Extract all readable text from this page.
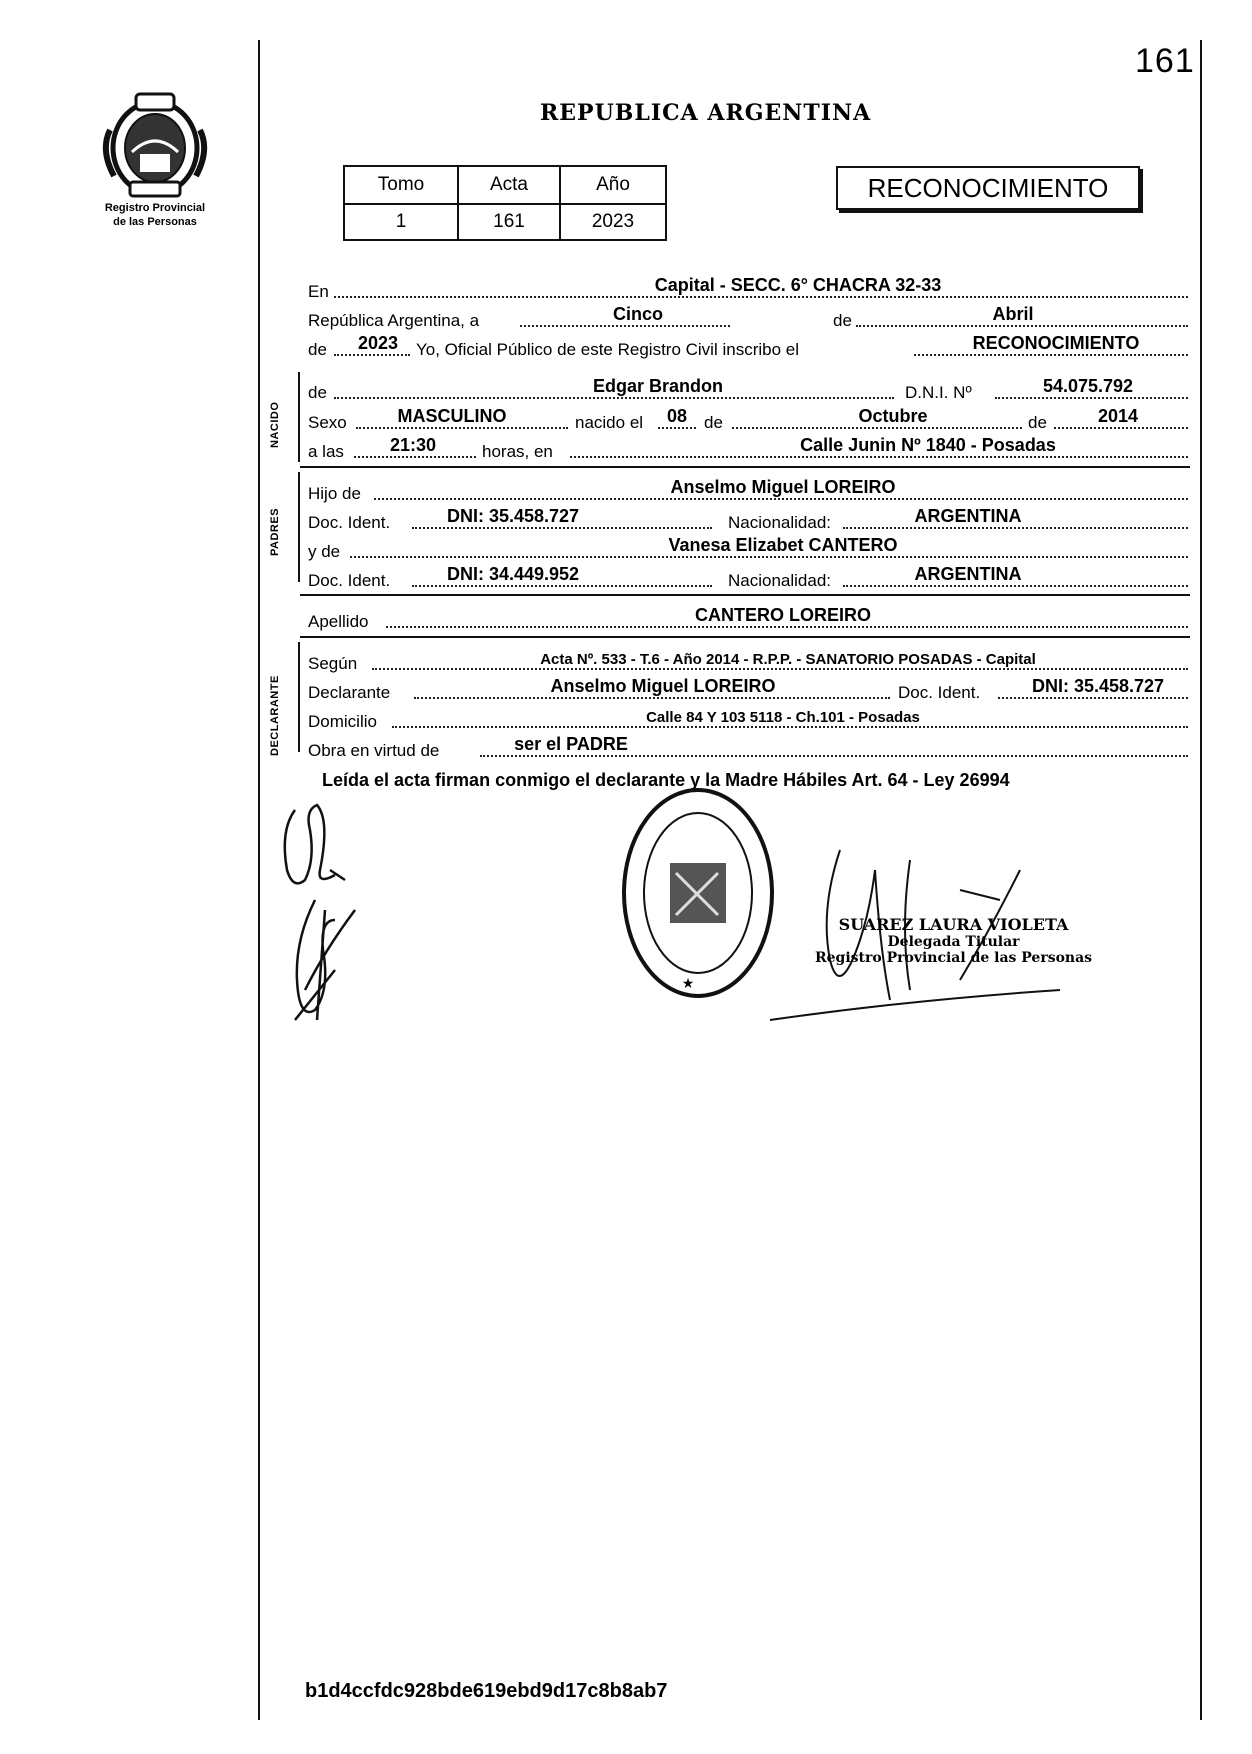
Registro Provincial
de las Personas
161
REPUBLICA ARGENTINA
Tomo	Acta	Año
1	161	2023
RECONOCIMIENTO
En	Capital - SECC. 6° CHACRA 32-33
República Argentina, a	Cinco	de	Abril
de	2023	Yo, Oficial Público de este Registro Civil inscribo el	RECONOCIMIENTO
NACIDO
de	Edgar Brandon	D.N.I. Nº	54.075.792
Sexo	MASCULINO	nacido el	08 de	Octubre	de	2014
a las	21:30	horas, en	Calle Junin Nº 1840 - Posadas
PADRES
Hijo de	Anselmo Miguel LOREIRO
Doc. Ident.	DNI: 35.458.727	Nacionalidad:	ARGENTINA
y de	Vanesa Elizabet CANTERO
Doc. Ident.	DNI: 34.449.952	Nacionalidad:	ARGENTINA
Apellido	CANTERO LOREIRO
DECLARANTE
Según	Acta Nº. 533 - T.6 - Año 2014 - R.P.P. - SANATORIO POSADAS - Capital
Declarante	Anselmo Miguel LOREIRO	Doc. Ident.	DNI: 35.458.727
Domicilio	Calle 84 Y 103 5118 - Ch.101 - Posadas
Obra en virtud de	ser el PADRE
Leída el acta firman conmigo el declarante y la Madre Hábiles Art. 64 - Ley 26994
★
SUAREZ LAURA VIOLETA
Delegada Titular
Registro Provincial de las Personas
b1d4ccfdc928bde619ebd9d17c8b8ab7
